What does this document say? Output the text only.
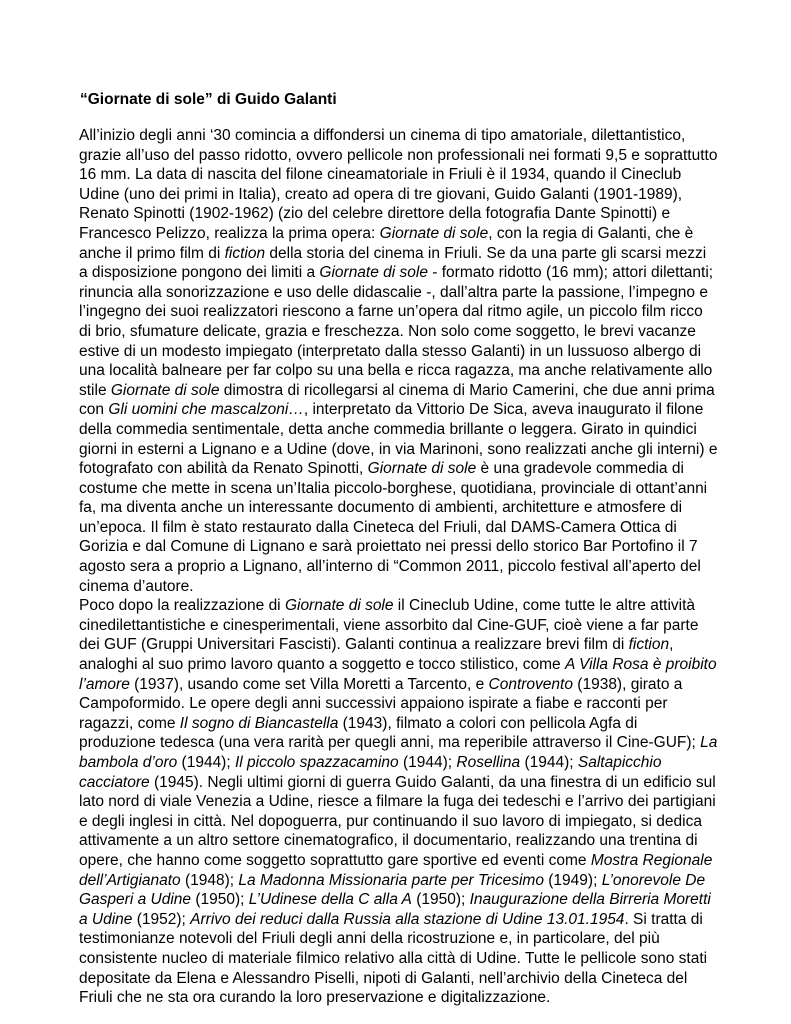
“Giornate di sole” di Guido Galanti
All’inizio degli anni ‘30 comincia a diffondersi un cinema di tipo amatoriale, dilettantistico,
grazie all’uso del passo ridotto, ovvero pellicole non professionali nei formati 9,5 e soprattutto
16 mm. La data di nascita del filone cineamatoriale in Friuli è il 1934, quando il Cineclub
Udine (uno dei primi in Italia), creato ad opera di tre giovani, Guido Galanti (1901-1989),
Renato Spinotti (1902-1962) (zio del celebre direttore della fotografia Dante Spinotti) e
Francesco Pelizzo, realizza la prima opera: Giornate di sole, con la regia di Galanti, che è
anche il primo film di fiction della storia del cinema in Friuli. Se da una parte gli scarsi mezzi
a disposizione pongono dei limiti a Giornate di sole - formato ridotto (16 mm); attori dilettanti;
rinuncia alla sonorizzazione e uso delle didascalie -, dall’altra parte la passione, l’impegno e
l’ingegno dei suoi realizzatori riescono a farne un’opera dal ritmo agile, un piccolo film ricco
di brio, sfumature delicate, grazia e freschezza. Non solo come soggetto, le brevi vacanze
estive di un modesto impiegato (interpretato dalla stesso Galanti) in un lussuoso albergo di
una località balneare per far colpo su una bella e ricca ragazza, ma anche relativamente allo
stile Giornate di sole dimostra di ricollegarsi al cinema di Mario Camerini, che due anni prima
con Gli uomini che mascalzoni…, interpretato da Vittorio De Sica, aveva inaugurato il filone
della commedia sentimentale, detta anche commedia brillante o leggera. Girato in quindici
giorni in esterni a Lignano e a Udine (dove, in via Marinoni, sono realizzati anche gli interni) e
fotografato con abilità da Renato Spinotti, Giornate di sole è una gradevole commedia di
costume che mette in scena un’Italia piccolo-borghese, quotidiana, provinciale di ottant’anni
fa, ma diventa anche un interessante documento di ambienti, architetture e atmosfere di
un’epoca. Il film è stato restaurato dalla Cineteca del Friuli, dal DAMS-Camera Ottica di
Gorizia e dal Comune di Lignano e sarà proiettato nei pressi dello storico Bar Portofino il 7
agosto sera a proprio a Lignano, all’interno di “Common 2011, piccolo festival all’aperto del
cinema d’autore.
Poco dopo la realizzazione di Giornate di sole il Cineclub Udine, come tutte le altre attività
cinedilettantistiche e cinesperimentali, viene assorbito dal Cine-GUF, cioè viene a far parte
dei GUF (Gruppi Universitari Fascisti). Galanti continua a realizzare brevi film di fiction,
analoghi al suo primo lavoro quanto a soggetto e tocco stilistico, come A Villa Rosa è proibito
l’amore (1937), usando come set Villa Moretti a Tarcento, e Controvento (1938), girato a
Campoformido. Le opere degli anni successivi appaiono ispirate a fiabe e racconti per
ragazzi, come Il sogno di Biancastella (1943), filmato a colori con pellicola Agfa di
produzione tedesca (una vera rarità per quegli anni, ma reperibile attraverso il Cine-GUF); La
bambola d’oro (1944); Il piccolo spazzacamino (1944); Rosellina (1944); Saltapicchio
cacciatore (1945). Negli ultimi giorni di guerra Guido Galanti, da una finestra di un edificio sul
lato nord di viale Venezia a Udine, riesce a filmare la fuga dei tedeschi e l’arrivo dei partigiani
e degli inglesi in città. Nel dopoguerra, pur continuando il suo lavoro di impiegato, si dedica
attivamente a un altro settore cinematografico, il documentario, realizzando una trentina di
opere, che hanno come soggetto soprattutto gare sportive ed eventi come Mostra Regionale
dell’Artigianato (1948); La Madonna Missionaria parte per Tricesimo (1949); L’onorevole De
Gasperi a Udine (1950); L’Udinese della C alla A (1950); Inaugurazione della Birreria Moretti
a Udine (1952); Arrivo dei reduci dalla Russia alla stazione di Udine 13.01.1954. Si tratta di
testimonianze notevoli del Friuli degli anni della ricostruzione e, in particolare, del più
consistente nucleo di materiale filmico relativo alla città di Udine. Tutte le pellicole sono stati
depositate da Elena e Alessandro Piselli, nipoti di Galanti, nell’archivio della Cineteca del
Friuli che ne sta ora curando la loro preservazione e digitalizzazione.
